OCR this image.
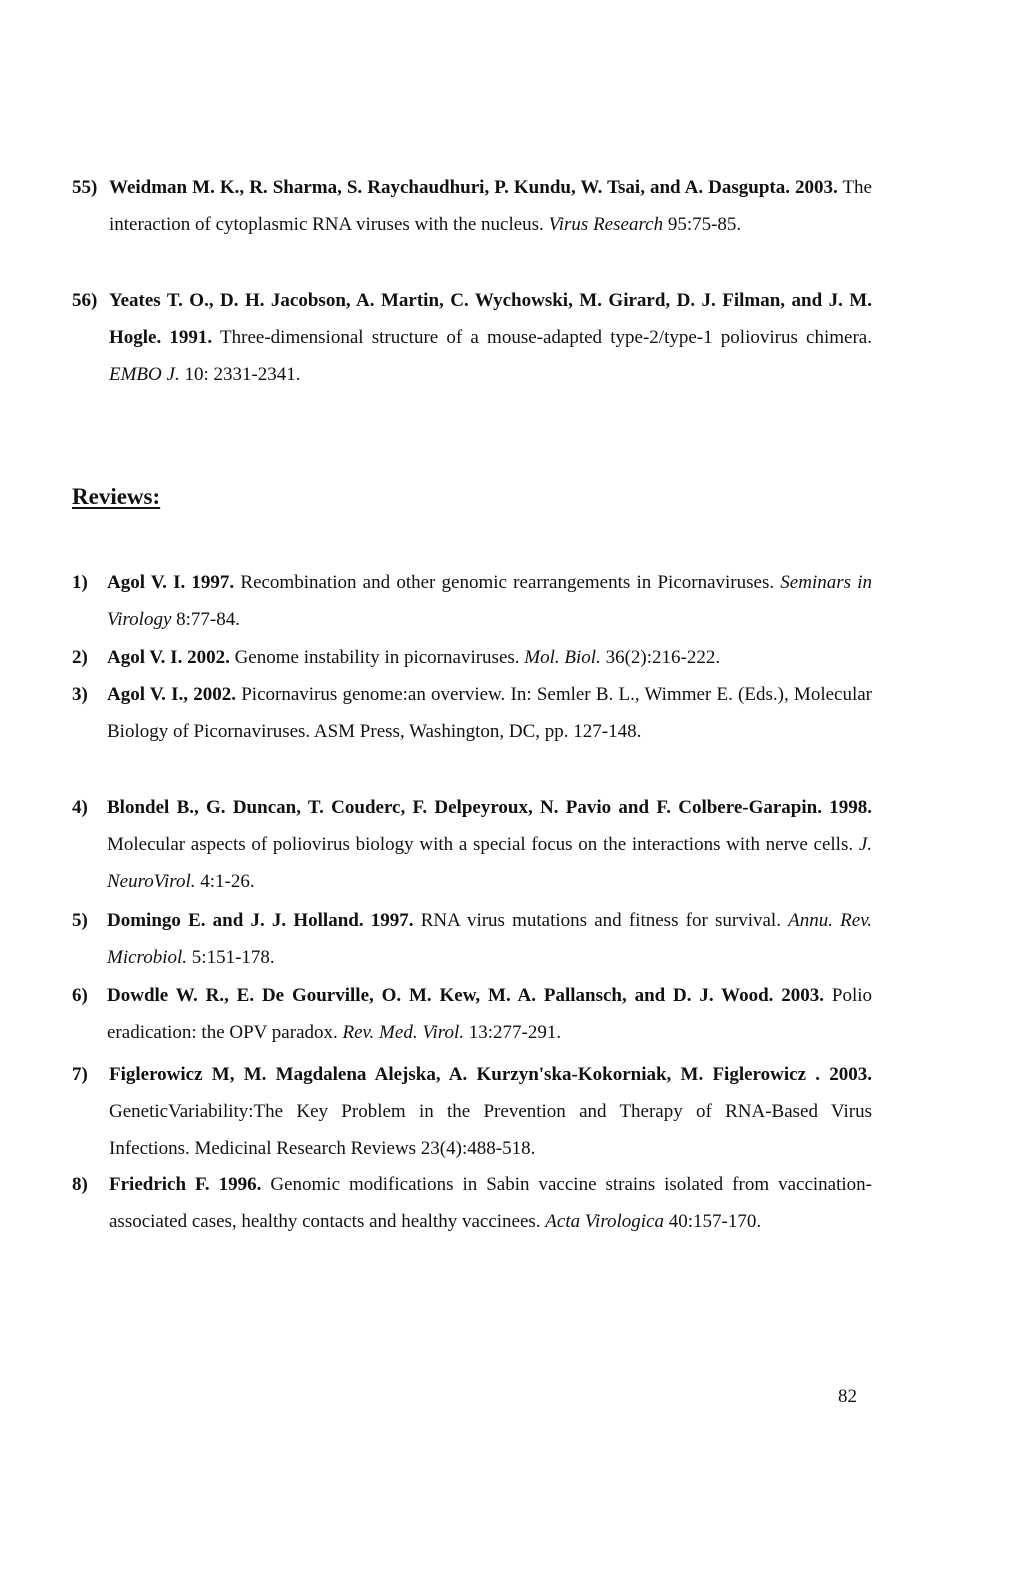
55) Weidman M. K., R. Sharma, S. Raychaudhuri, P. Kundu, W. Tsai, and A. Dasgupta. 2003. The interaction of cytoplasmic RNA viruses with the nucleus. Virus Research 95:75-85.
56) Yeates T. O., D. H. Jacobson, A. Martin, C. Wychowski, M. Girard, D. J. Filman, and J. M. Hogle. 1991. Three-dimensional structure of a mouse-adapted type-2/type-1 poliovirus chimera. EMBO J. 10: 2331-2341.
Reviews:
1)	Agol V. I. 1997. Recombination and other genomic rearrangements in Picornaviruses. Seminars in Virology 8:77-84.
2)	Agol V. I. 2002. Genome instability in picornaviruses. Mol. Biol. 36(2):216-222.
3)	Agol V. I., 2002. Picornavirus genome:an overview. In: Semler B. L., Wimmer E. (Eds.), Molecular Biology of Picornaviruses. ASM Press, Washington, DC, pp. 127-148.
4)	Blondel B., G. Duncan, T. Couderc, F. Delpeyroux, N. Pavio and F. Colbere-Garapin. 1998. Molecular aspects of poliovirus biology with a special focus on the interactions with nerve cells. J. NeuroVirol. 4:1-26.
5)	Domingo E. and J. J. Holland. 1997. RNA virus mutations and fitness for survival. Annu. Rev. Microbiol. 5:151-178.
6)	Dowdle W. R., E. De Gourville, O. M. Kew, M. A. Pallansch, and D. J. Wood. 2003. Polio eradication: the OPV paradox. Rev. Med. Virol. 13:277-291.
7)	Figlerowicz M, M. Magdalena Alejska, A. Kurzyn'ska-Kokorniak, M. Figlerowicz . 2003. GeneticVariability:The Key Problem in the Prevention and Therapy of RNA-Based Virus Infections. Medicinal Research Reviews 23(4):488-518.
8)	Friedrich F. 1996. Genomic modifications in Sabin vaccine strains isolated from vaccination-associated cases, healthy contacts and healthy vaccinees. Acta Virologica 40:157-170.
82
